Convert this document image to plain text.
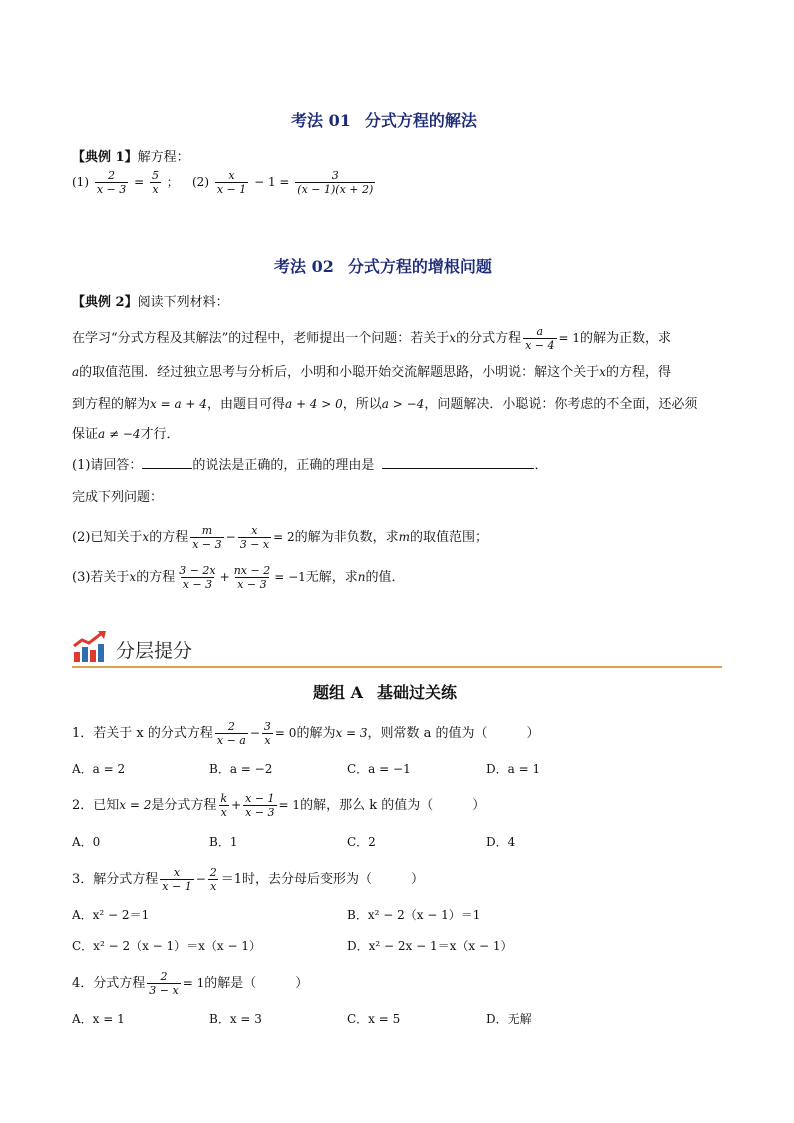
考法 01 分式方程的解法
【典例 1】解方程：
$(1) \frac{2}{x - 3} = \frac{5}{x}$ ； $(2) \frac{x}{x - 1} - 1 = \frac{3}{(x - 1)(x + 2)}$
考法 02 分式方程的增根问题
【典例 2】阅读下列材料：
在学习“分式方程及其解法”的过程中，老师提出一个问题：若关于x的分式方程 $\frac{a}{x - 4} = 1$的解为正数，求
a的取值范围．经过独立思考与分析后，小明和小聪开始交流解题思路，小明说：解这个关于x的方程，得
到方程的解为x = a + 4，由题目可得a + 4 > 0，所以a > −4，问题解决．小聪说：你考虑的不全面，还必须
保证a ≠ −4才行．
(1)请回答：	的说法是正确的，正确的理由是	．
完成下列问题：
(2)已知关于x的方程 $\frac{m}{x - 3} - \frac{x}{3 - x} = 2$的解为非负数，求m的取值范围；
(3)若关于x的方程 $\frac{3 - 2x}{x - 3} + \frac{nx - 2}{x - 3} = -1$无解，求n的值．
分层提分
题组 A 基础过关练
1．若关于 x 的分式方程 $\frac{2}{x - a} - \frac{3}{x} = 0$的解为x = 3，则常数 a 的值为（　　　）
A．a = 2	B．a = −2	C．a = −1	D．a = 1
2．已知x = 2是分式方程 $\frac{k}{x} + \frac{x - 1}{x - 3} = 1$的解，那么 k 的值为（　　　）
A．0	B．1	C．2	D．4
3．解分式方程 $\frac{x}{x - 1} - \frac{2}{x} =1$时，去分母后变形为（　　　）
A．x² − 2＝1	B．x² − 2（x − 1）＝1
C．x² − 2（x − 1）＝x（x − 1）	D．x² − 2x − 1＝x（x − 1）
4．分式方程 $\frac{2}{3 - x} = 1$的解是（　　　）
A．x = 1	B．x = 3	C．x = 5	D．无解
